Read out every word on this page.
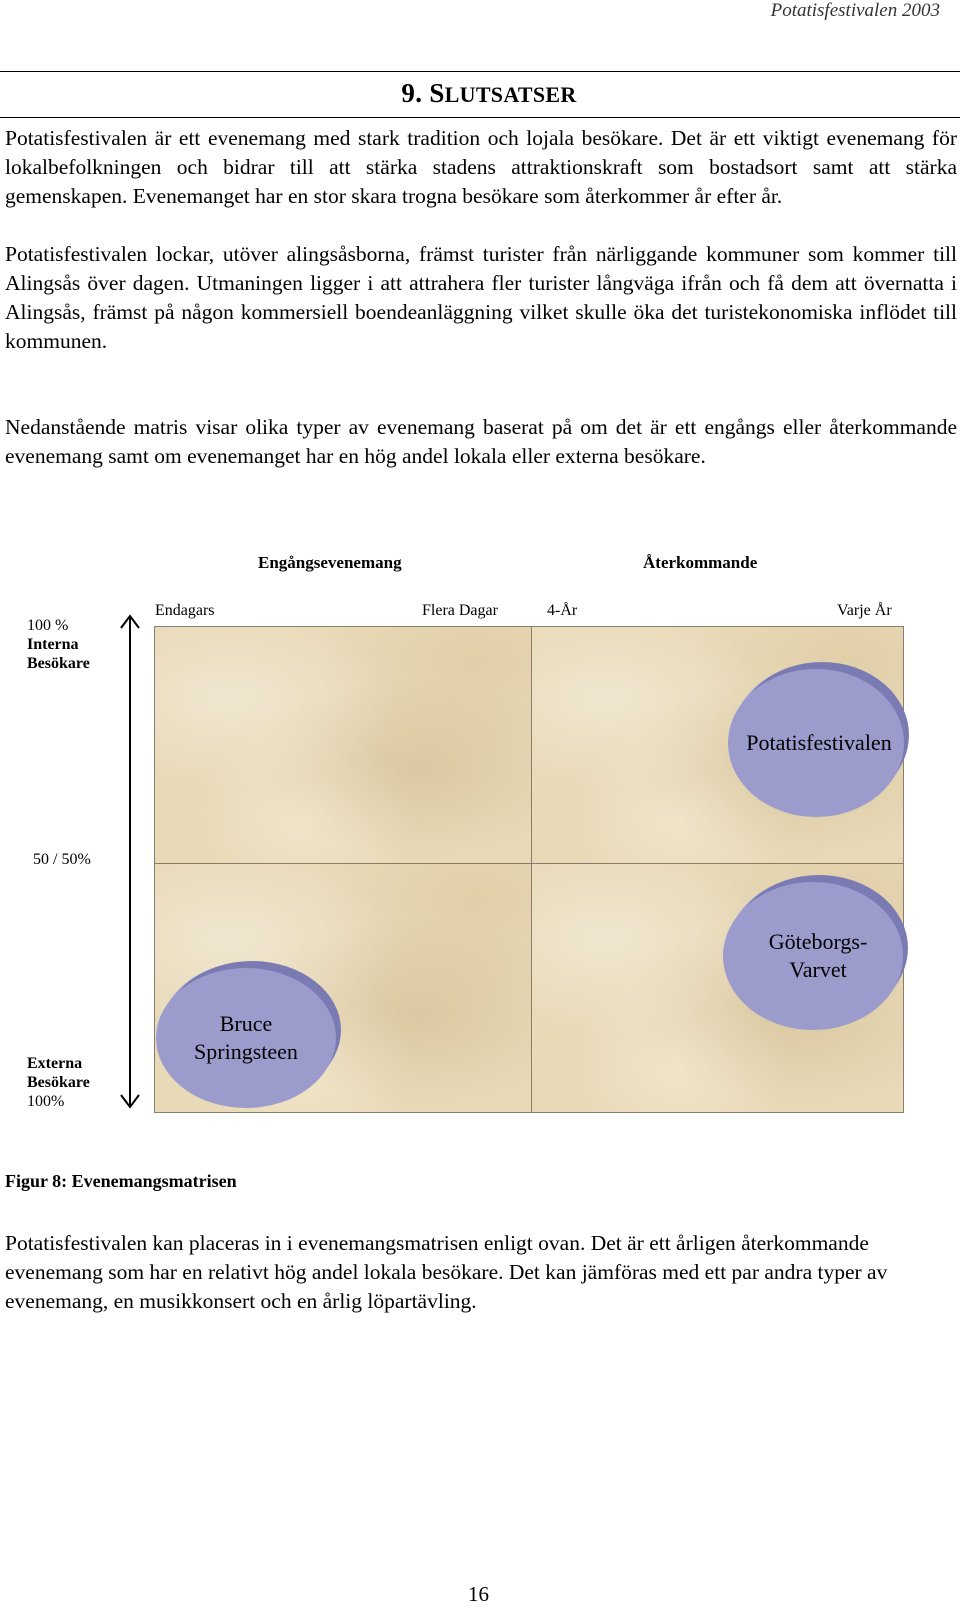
Potatisfestivalen 2003
9. SLUTSATSER

Potatisfestivalen är ett evenemang med stark tradition och lojala besökare. Det är ett viktigt evenemang för lokalbefolkningen och bidrar till att stärka stadens attraktionskraft som bostadsort samt att stärka gemenskapen. Evenemanget har en stor skara trogna besökare som återkommer år efter år.

Potatisfestivalen lockar, utöver alingsåsborna, främst turister från närliggande kommuner som kommer till Alingsås över dagen. Utmaningen ligger i att attrahera fler turister långväga ifrån och få dem att övernatta i Alingsås, främst på någon kommersiell boendeanläggning vilket skulle öka det turistekonomiska inflödet till kommunen.

Nedanstående matris visar olika typer av evenemang baserat på om det är ett engångs eller återkommande evenemang samt om evenemanget har en hög andel lokala eller externa besökare.

Engångsevenemang	Återkommande
Endagars	Flera Dagar	4-År	Varje År
100 %
Interna
Besökare
50 / 50%
Externa
Besökare
100%
Potatisfestivalen
Göteborgs-
Varvet
Bruce
Springsteen
Figur 8: Evenemangsmatrisen

Potatisfestivalen kan placeras in i evenemangsmatrisen enligt ovan. Det är ett årligen återkommande evenemang som har en relativt hög andel lokala besökare. Det kan jämföras med ett par andra typer av evenemang, en musikkonsert och en årlig löpartävling.

16
